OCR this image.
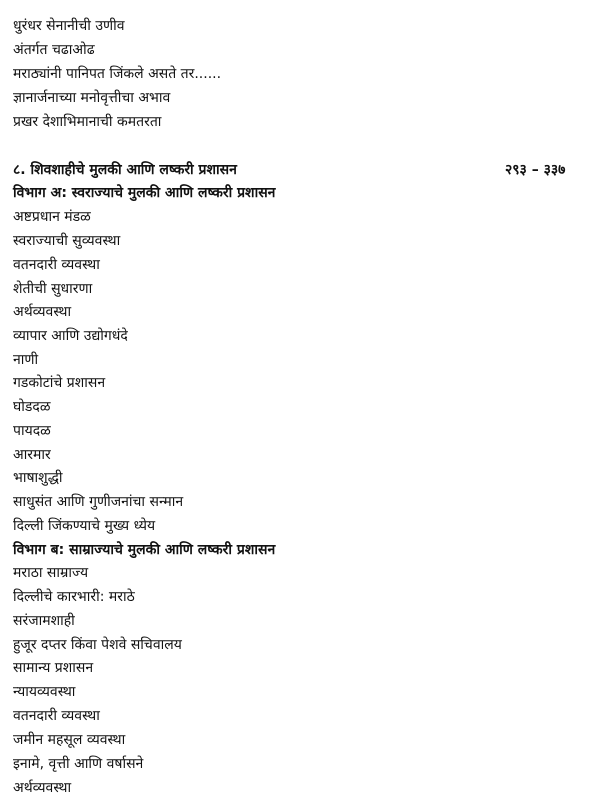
धुरंधर सेनानीची उणीव
अंतर्गत चढाओढ
मराठ्यांनी पानिपत जिंकले असते तर......
ज्ञानार्जनाच्या मनोवृत्तीचा अभाव
प्रखर देशाभिमानाची कमतरता
८. शिवशाहीचे मुलकी आणि लष्करी प्रशासन	२९३ – ३३७
विभाग अ: स्वराज्याचे मुलकी आणि लष्करी प्रशासन
अष्टप्रधान मंडळ
स्वराज्याची सुव्यवस्था
वतनदारी व्यवस्था
शेतीची सुधारणा
अर्थव्यवस्था
व्यापार आणि उद्योगधंदे
नाणी
गडकोटांचे प्रशासन
घोडदळ
पायदळ
आरमार
भाषाशुद्धी
साधुसंत आणि गुणीजनांचा सन्मान
दिल्ली जिंकण्याचे मुख्य ध्येय
विभाग ब: साम्राज्याचे मुलकी आणि लष्करी प्रशासन
मराठा साम्राज्य
दिल्लीचे कारभारी: मराठे
सरंजामशाही
हुजूर दप्तर किंवा पेशवे सचिवालय
सामान्य प्रशासन
न्यायव्यवस्था
वतनदारी व्यवस्था
जमीन महसूल व्यवस्था
इनामे, वृत्ती आणि वर्षासने
अर्थव्यवस्था
